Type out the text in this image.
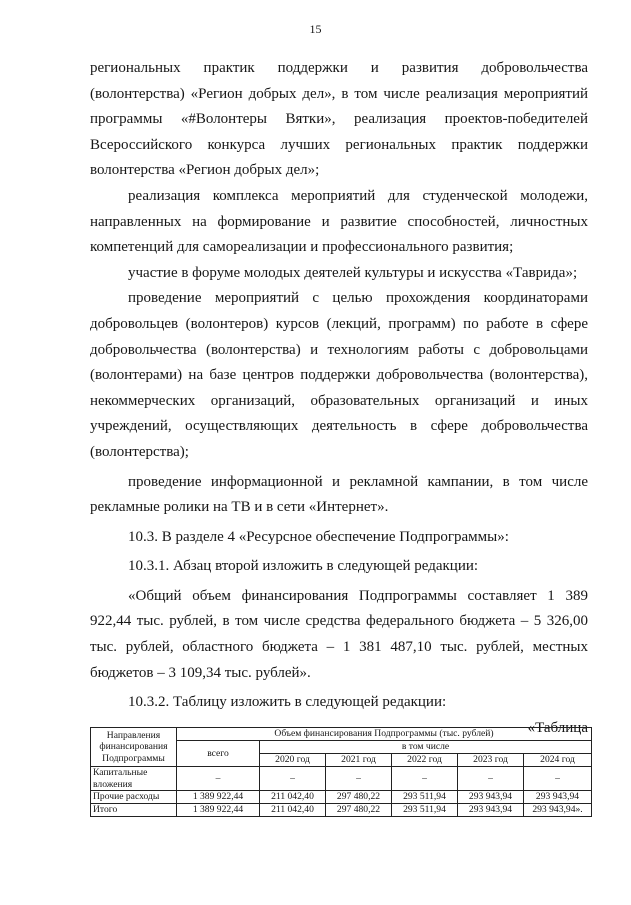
15

региональных практик поддержки и развития добровольчества (волонтерства) «Регион добрых дел», в том числе реализация мероприятий программы «#Волонтеры Вятки», реализация проектов-победителей Всероссийского конкурса лучших региональных практик поддержки волонтерства «Регион добрых дел»;

реализация комплекса мероприятий для студенческой молодежи, направленных на формирование и развитие способностей, личностных компетенций для самореализации и профессионального развития;

участие в форуме молодых деятелей культуры и искусства «Таврида»;

проведение мероприятий с целью прохождения координаторами добровольцев (волонтеров) курсов (лекций, программ) по работе в сфере добровольчества (волонтерства) и технологиям работы с добровольцами (волонтерами) на базе центров поддержки добровольчества (волонтерства), некоммерческих организаций, образовательных организаций и иных учреждений, осуществляющих деятельность в сфере добровольчества (волонтерства);

проведение информационной и рекламной кампании, в том числе рекламные ролики на ТВ и в сети «Интернет».

10.3. В разделе 4 «Ресурсное обеспечение Подпрограммы»:

10.3.1. Абзац второй изложить в следующей редакции:

«Общий объем финансирования Подпрограммы составляет 1 389 922,44 тыс. рублей, в том числе средства федерального бюджета – 5 326,00 тыс. рублей, областного бюджета – 1 381 487,10 тыс. рублей, местных бюджетов – 3 109,34 тыс. рублей».

10.3.2. Таблицу изложить в следующей редакции:

«Таблица

Направления финансирования Подпрограммы	Объем финансирования Подпрограммы (тыс. рублей)					
	всего	в том числе				
		2020 год	2021 год	2022 год	2023 год	2024 год
Капитальные вложения	–	–	–	–	–	–
Прочие расходы	1 389 922,44	211 042,40	297 480,22	293 511,94	293 943,94	293 943,94
Итого	1 389 922,44	211 042,40	297 480,22	293 511,94	293 943,94	293 943,94».
